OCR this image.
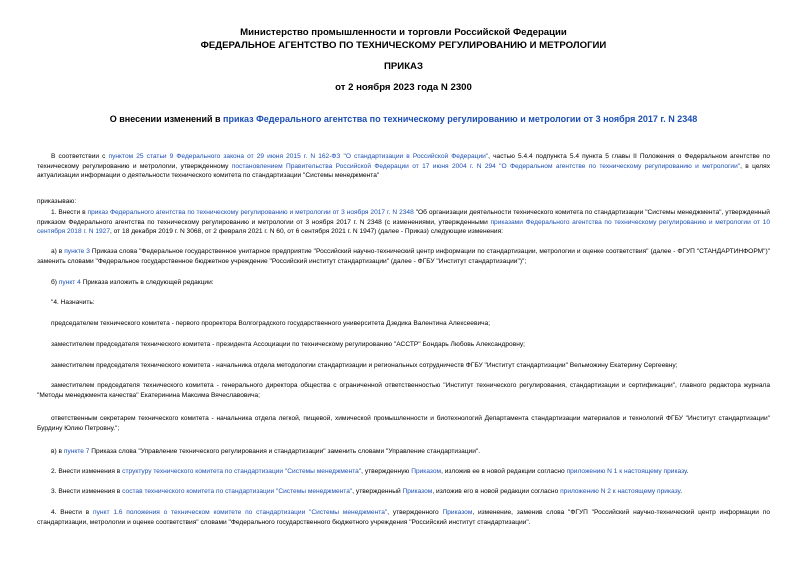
Министерство промышленности и торговли Российской Федерации
ФЕДЕРАЛЬНОЕ АГЕНТСТВО ПО ТЕХНИЧЕСКОМУ РЕГУЛИРОВАНИЮ И МЕТРОЛОГИИ
ПРИКАЗ
от 2 ноября 2023 года N 2300
О внесении изменений в приказ Федерального агентства по техническому регулированию и метрологии от 3 ноября 2017 г. N 2348
В соответствии с пунктом 25 статьи 9 Федерального закона от 29 июня 2015 г. N 162-ФЗ "О стандартизации в Российской Федерации", частью 5.4.4 подпункта 5.4 пункта 5 главы II Положения о Федеральном агентстве по техническому регулированию и метрологии, утвержденному постановлением Правительства Российской Федерации от 17 июня 2004 г. N 294 "О Федеральном агентстве по техническому регулированию и метрологии", в целях актуализации информации о деятельности технического комитета по стандартизации "Системы менеджмента"
приказываю:
1. Внести в приказ Федерального агентства по техническому регулированию и метрологии от 3 ноября 2017 г. N 2348 "Об организации деятельности технического комитета по стандартизации "Системы менеджмента", утвержденный приказом Федерального агентства по техническому регулированию и метрологии от 3 ноября 2017 г. N 2348 (с изменениями, утвержденными приказами Федерального агентства по техническому регулированию и метрологии от 10 сентября 2018 г. N 1927, от 18 декабря 2019 г. N 3068, от 2 февраля 2021 г. N 60, от 6 сентября 2021 г. N 1947) (далее - Приказ) следующие изменения:
а) в пункте 3 Приказа слова "Федеральное государственное унитарное предприятие "Российский научно-технический центр информации по стандартизации, метрологии и оценке соответствия" (далее - ФГУП "СТАНДАРТИНФОРМ")" заменить словами "Федеральное государственное бюджетное учреждение "Российский институт стандартизации" (далее - ФГБУ "Институт стандартизации")";
б) пункт 4 Приказа изложить в следующей редакции:
"4. Назначить:
председателем технического комитета - первого проректора Волгоградского государственного университета Дзедика Валентина Алексеевича;
заместителем председателя технического комитета - президента Ассоциации по техническому регулированию "АССТР" Бондарь Любовь Александровну;
заместителем председателя технического комитета - начальника отдела методологии стандартизации и региональных сотрудничеств ФГБУ "Институт стандартизации" Вельможину Екатерину Сергеевну;
заместителем председателя технического комитета - генерального директора общества с ограниченной ответственностью "Институт технического регулирования, стандартизации и сертификации", главного редактора журнала "Методы менеджмента качества" Екатеринина Максима Вячеславовича;
ответственным секретарем технического комитета - начальника отдела легкой, пищевой, химической промышленности и биотехнологий Департамента стандартизации материалов и технологий ФГБУ "Институт стандартизации" Бурдину Юлию Петровну.";
в) в пункте 7 Приказа слова "Управление технического регулирования и стандартизации" заменить словами "Управление стандартизации".
2. Внести изменения в структуру технического комитета по стандартизации "Системы менеджмента", утвержденную Приказом, изложив ее в новой редакции согласно приложению N 1 к настоящему приказу.
3. Внести изменения в состав технического комитета по стандартизации "Системы менеджмента", утвержденный Приказом, изложив его в новой редакции согласно приложению N 2 к настоящему приказу.
4. Внести в пункт 1.6 положения о техническом комитете по стандартизации "Системы менеджмента", утвержденного Приказом, изменение, заменив слова "ФГУП "Российский научно-технический центр информации по стандартизации, метрологии и оценке соответствия" словами "Федерального государственного бюджетного учреждения "Российский институт стандартизации".
